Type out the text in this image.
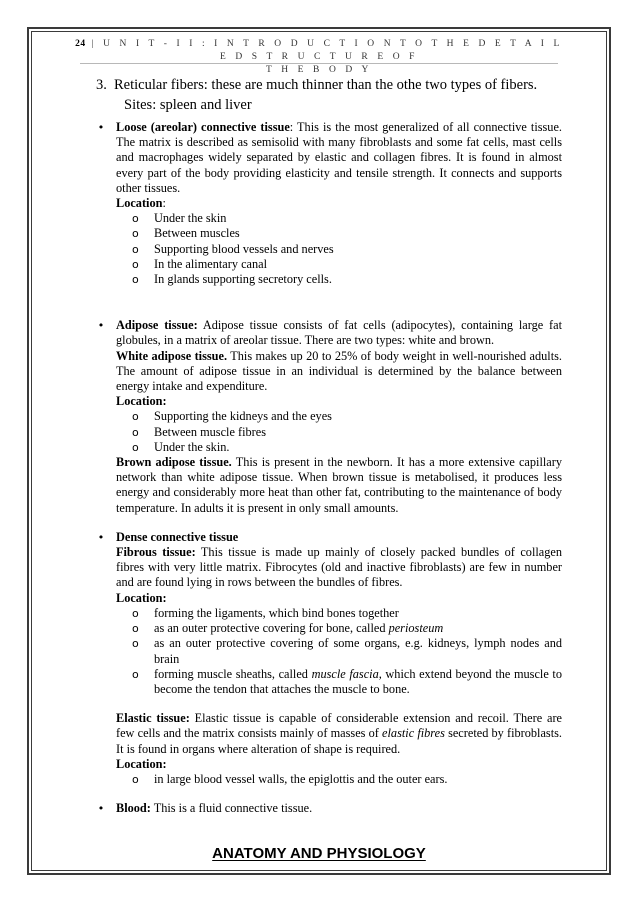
24 | U N I T - I I : I N T R O D U C T I O N T O T H E D E T A I L E D S T R U C T U R E O F
T H E B O D Y
3. Reticular fibers: these are much thinner than the othe two types of fibers.
Sites: spleen and liver
• Loose (areolar) connective tissue: This is the most generalized of all connective tissue. The matrix is described as semisolid with many fibroblasts and some fat cells, mast cells and macrophages widely separated by elastic and collagen fibres. It is found in almost every part of the body providing elasticity and tensile strength. It connects and supports other tissues.
Location:
o Under the skin
o Between muscles
o Supporting blood vessels and nerves
o In the alimentary canal
o In glands supporting secretory cells.
• Adipose tissue: Adipose tissue consists of fat cells (adipocytes), containing large fat globules, in a matrix of areolar tissue. There are two types: white and brown.
White adipose tissue. This makes up 20 to 25% of body weight in well-nourished adults. The amount of adipose tissue in an individual is determined by the balance between energy intake and expenditure.
Location:
o Supporting the kidneys and the eyes
o Between muscle fibres
o Under the skin.
Brown adipose tissue. This is present in the newborn. It has a more extensive capillary network than white adipose tissue. When brown tissue is metabolised, it produces less energy and considerably more heat than other fat, contributing to the maintenance of body temperature. In adults it is present in only small amounts.
• Dense connective tissue
Fibrous tissue: This tissue is made up mainly of closely packed bundles of collagen fibres with very little matrix. Fibrocytes (old and inactive fibroblasts) are few in number and are found lying in rows between the bundles of fibres.
Location:
o forming the ligaments, which bind bones together
o as an outer protective covering for bone, called periosteum
o as an outer protective covering of some organs, e.g. kidneys, lymph nodes and brain
o forming muscle sheaths, called muscle fascia, which extend beyond the muscle to become the tendon that attaches the muscle to bone.
Elastic tissue: Elastic tissue is capable of considerable extension and recoil. There are few cells and the matrix consists mainly of masses of elastic fibres secreted by fibroblasts. It is found in organs where alteration of shape is required.
Location:
o in large blood vessel walls, the epiglottis and the outer ears.
• Blood: This is a fluid connective tissue.
ANATOMY AND PHYSIOLOGY
